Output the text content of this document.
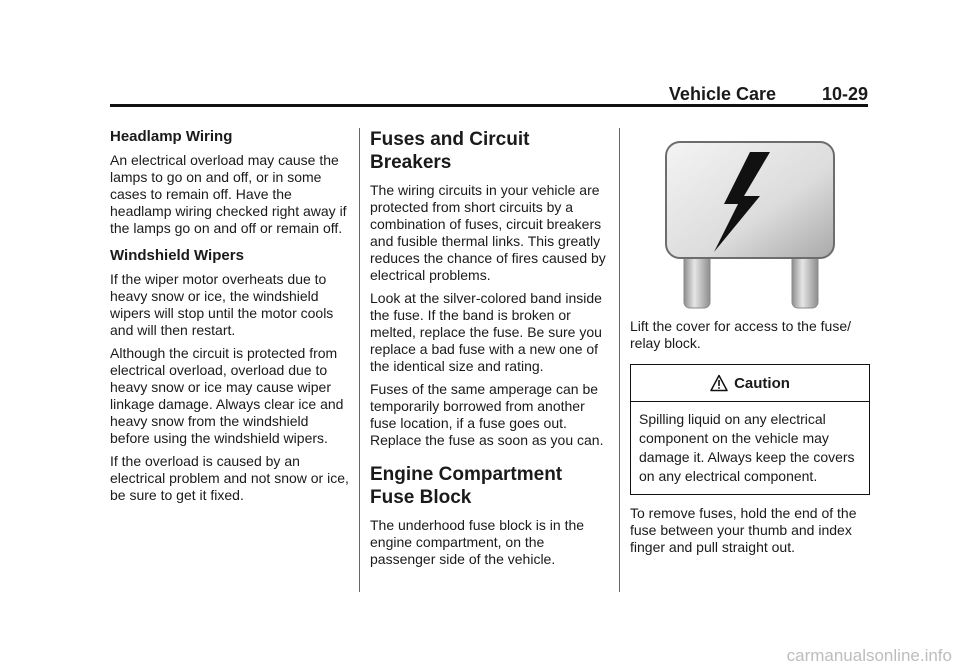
Vehicle Care	10-29
Headlamp Wiring

An electrical overload may cause the lamps to go on and off, or in some cases to remain off. Have the headlamp wiring checked right away if the lamps go on and off or remain off.

Windshield Wipers

If the wiper motor overheats due to heavy snow or ice, the windshield wipers will stop until the motor cools and will then restart.

Although the circuit is protected from electrical overload, overload due to heavy snow or ice may cause wiper linkage damage. Always clear ice and heavy snow from the windshield before using the windshield wipers.

If the overload is caused by an electrical problem and not snow or ice, be sure to get it fixed.

Fuses and Circuit Breakers

The wiring circuits in your vehicle are protected from short circuits by a combination of fuses, circuit breakers and fusible thermal links. This greatly reduces the chance of fires caused by electrical problems.

Look at the silver-colored band inside the fuse. If the band is broken or melted, replace the fuse. Be sure you replace a bad fuse with a new one of the identical size and rating.

Fuses of the same amperage can be temporarily borrowed from another fuse location, if a fuse goes out. Replace the fuse as soon as you can.

Engine Compartment Fuse Block

The underhood fuse block is in the engine compartment, on the passenger side of the vehicle.

Lift the cover for access to the fuse/ relay block.

Caution

Spilling liquid on any electrical component on the vehicle may damage it. Always keep the covers on any electrical component.

To remove fuses, hold the end of the fuse between your thumb and index finger and pull straight out.

carmanualsonline.info
